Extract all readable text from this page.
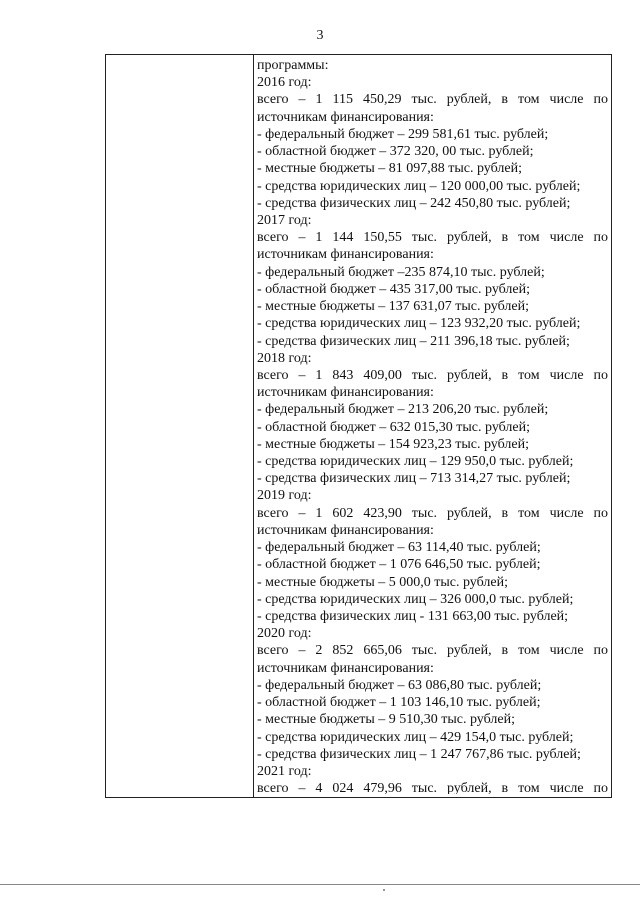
3
программы:
2016 год:
всего – 1 115 450,29 тыс. рублей, в том числе по
источникам финансирования:
- федеральный бюджет – 299 581,61 тыс. рублей;
- областной бюджет – 372 320, 00 тыс. рублей;
- местные бюджеты – 81 097,88 тыс. рублей;
- средства юридических лиц – 120 000,00 тыс. рублей;
- средства физических лиц – 242 450,80 тыс. рублей;
2017 год:
всего – 1 144 150,55 тыс. рублей, в том числе по
источникам финансирования:
- федеральный бюджет –235 874,10 тыс. рублей;
- областной бюджет – 435 317,00 тыс. рублей;
- местные бюджеты – 137 631,07 тыс. рублей;
- средства юридических лиц – 123 932,20 тыс. рублей;
- средства физических лиц – 211 396,18 тыс. рублей;
2018 год:
всего – 1 843 409,00 тыс. рублей, в том числе по
источникам финансирования:
- федеральный бюджет – 213 206,20 тыс. рублей;
- областной бюджет – 632 015,30 тыс. рублей;
- местные бюджеты – 154 923,23 тыс. рублей;
- средства юридических лиц – 129 950,0 тыс. рублей;
- средства физических лиц – 713 314,27 тыс. рублей;
2019 год:
всего – 1 602 423,90 тыс. рублей, в том числе по
источникам финансирования:
- федеральный бюджет – 63 114,40 тыс. рублей;
- областной бюджет – 1 076 646,50 тыс. рублей;
- местные бюджеты – 5 000,0 тыс. рублей;
- средства юридических лиц – 326 000,0 тыс. рублей;
- средства физических лиц - 131 663,00 тыс. рублей;
2020 год:
всего – 2 852 665,06 тыс. рублей, в том числе по
источникам финансирования:
- федеральный бюджет – 63 086,80 тыс. рублей;
- областной бюджет – 1 103 146,10 тыс. рублей;
- местные бюджеты – 9 510,30 тыс. рублей;
- средства юридических лиц – 429 154,0 тыс. рублей;
- средства физических лиц – 1 247 767,86 тыс. рублей;
2021 год:
всего – 4 024 479,96 тыс. рублей, в том числе по
